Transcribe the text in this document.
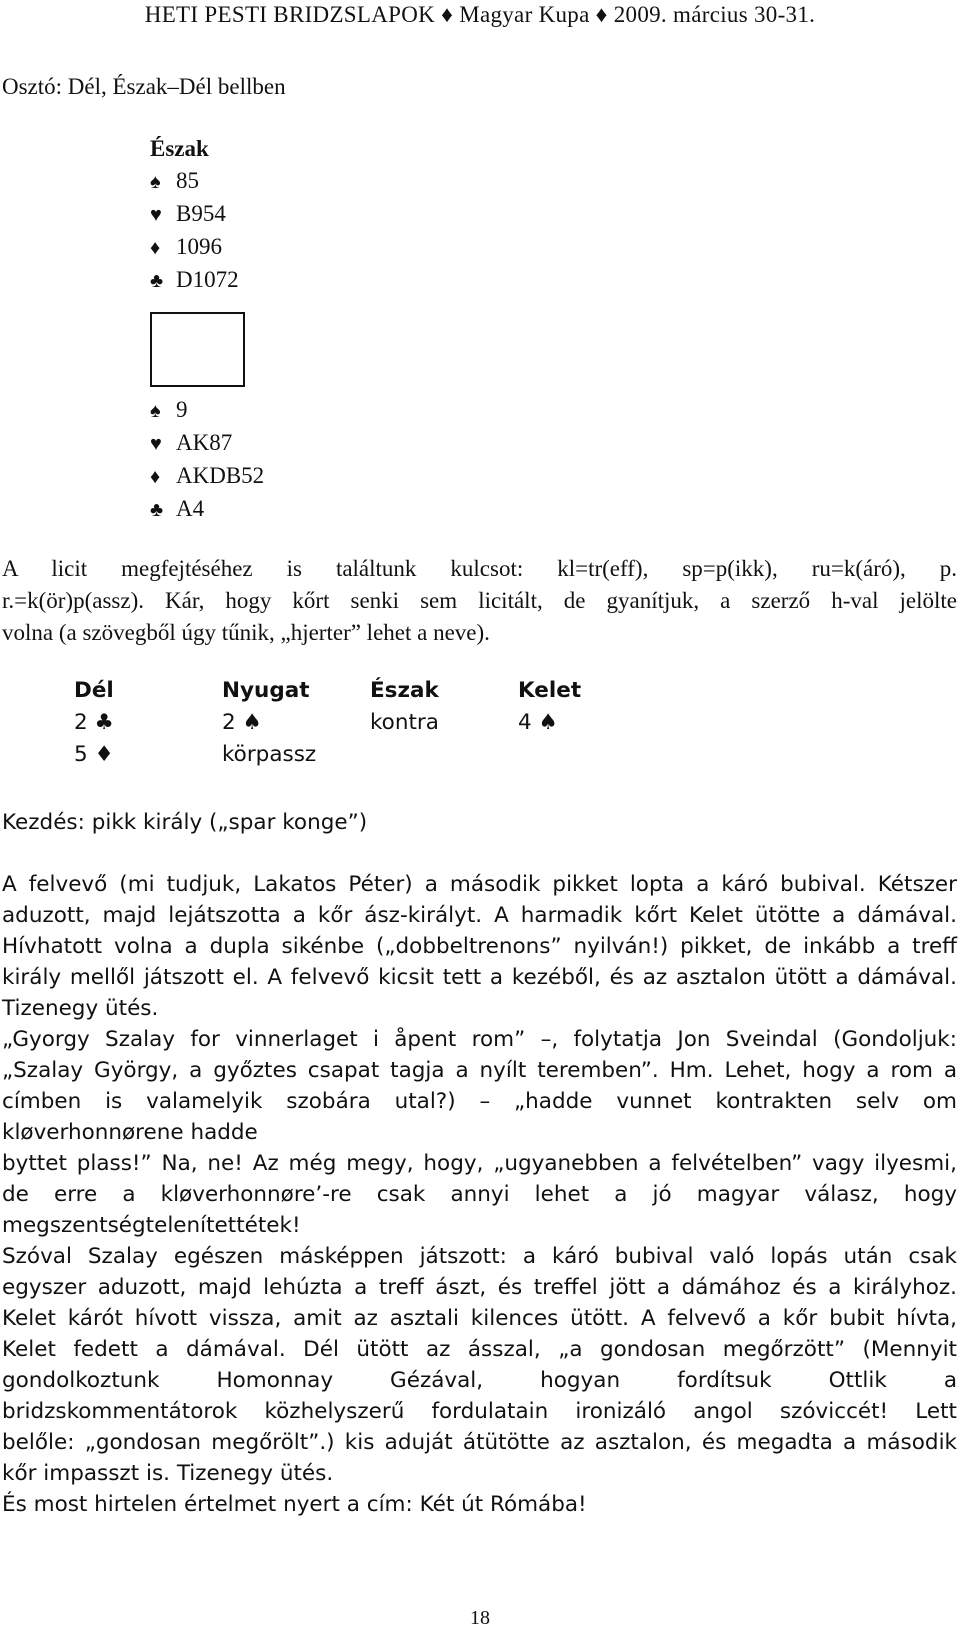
HETI PESTI BRIDZSLAPOK ♦ Magyar Kupa ♦ 2009. március 30-31.
Osztó: Dél, Észak–Dél bellben
Észak
♠ 85
♥ B954
♦ 1096
♣ D1072
♠ 9
♥ AK87
♦ AKDB52
♣ A4
A licit megfejtéséhez is találtunk kulcsot: kl=tr(eff), sp=p(ikk), ru=k(áró), p.
r.=k(ör)p(assz). Kár, hogy kőrt senki sem licitált, de gyanítjuk, a szerző h-val jelölte
volna (a szövegből úgy tűnik, „hjerter” lehet a neve).
Dél	Nyugat	Észak	Kelet
2 ♣	2 ♠	kontra	4 ♠
5 ♦	körpassz
Kezdés: pikk király („spar konge”)
A felvevő (mi tudjuk, Lakatos Péter) a második pikket lopta a káró bubival. Kétszer
aduzott, majd lejátszotta a kőr ász-királyt. A harmadik kőrt Kelet ütötte a dámával.
Hívhatott volna a dupla sikénbe („dobbeltrenons” nyilván!) pikket, de inkább a treff
király mellől játszott el. A felvevő kicsit tett a kezéből, és az asztalon ütött a dámával.
Tizenegy ütés.
„Gyorgy Szalay for vinnerlaget i åpent rom” –, folytatja Jon Sveindal (Gondoljuk:
„Szalay György, a győztes csapat tagja a nyílt teremben”. Hm. Lehet, hogy a rom a
címben is valamelyik szobára utal?) – „hadde vunnet kontrakten selv om
kløverhonnørene hadde
byttet plass!” Na, ne! Az még megy, hogy, „ugyanebben a felvételben” vagy ilyesmi,
de erre a kløverhonnøre’-re csak annyi lehet a jó magyar válasz, hogy
megszentségtelenítettétek!
Szóval Szalay egészen másképpen játszott: a káró bubival való lopás után csak
egyszer aduzott, majd lehúzta a treff ászt, és treffel jött a dámához és a királyhoz.
Kelet kárót hívott vissza, amit az asztali kilences ütött. A felvevő a kőr bubit hívta,
Kelet fedett a dámával. Dél ütött az ásszal, „a gondosan megőrzött” (Mennyit
gondolkoztunk Homonnay Gézával, hogyan fordítsuk Ottlik a
bridzskommentátorok közhelyszerű fordulatain ironizáló angol szóviccét! Lett
belőle: „gondosan megőrölt”.) kis aduját átütötte az asztalon, és megadta a második
kőr impasszt is. Tizenegy ütés.
És most hirtelen értelmet nyert a cím: Két út Rómába!
18
